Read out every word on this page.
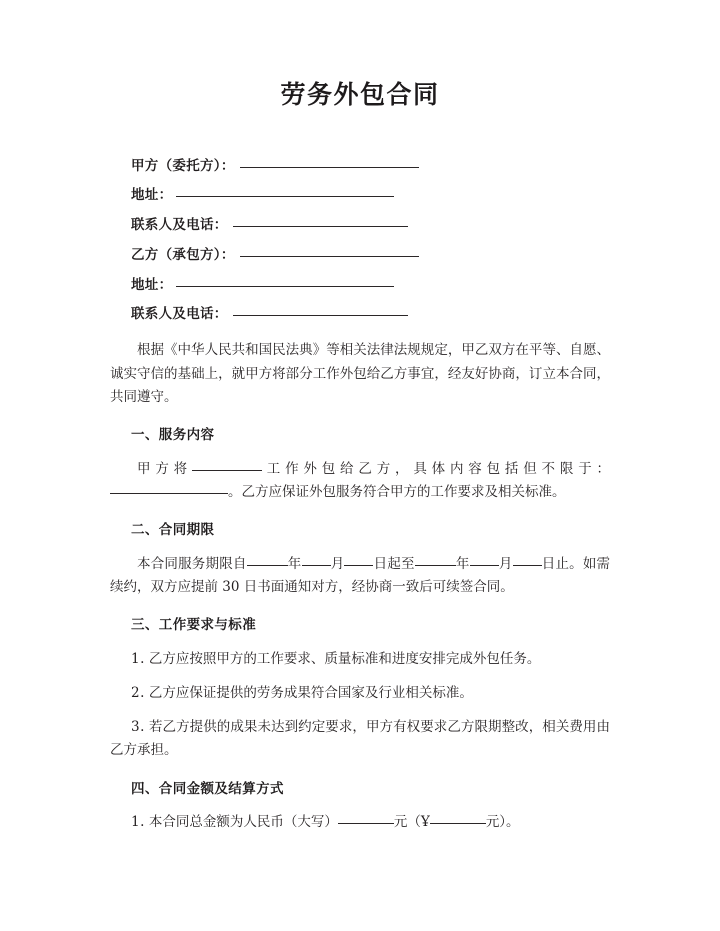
劳务外包合同

甲方（委托方）：

地址：

联系人及电话：

乙方（承包方）：

地址：

联系人及电话：

根据《中华人民共和国民法典》等相关法律法规规定，甲乙双方在平等、自愿、诚实守信的基础上，就甲方将部分工作外包给乙方事宜，经友好协商，订立本合同，共同遵守。

一、服务内容

甲方将	工作外包给乙方，具体内容包括但不限于：。乙方应保证外包服务符合甲方的工作要求及相关标准。

二、合同期限

本合同服务期限自	年 月 日起至	年 月 日止。如需续约，双方应提前 30 日书面通知对方，经协商一致后可续签合同。

三、工作要求与标准

1. 乙方应按照甲方的工作要求、质量标准和进度安排完成外包任务。

2. 乙方应保证提供的劳务成果符合国家及行业相关标准。

3. 若乙方提供的成果未达到约定要求，甲方有权要求乙方限期整改，相关费用由乙方承担。

四、合同金额及结算方式

1. 本合同总金额为人民币（大写）	元（Ұ	元）。
